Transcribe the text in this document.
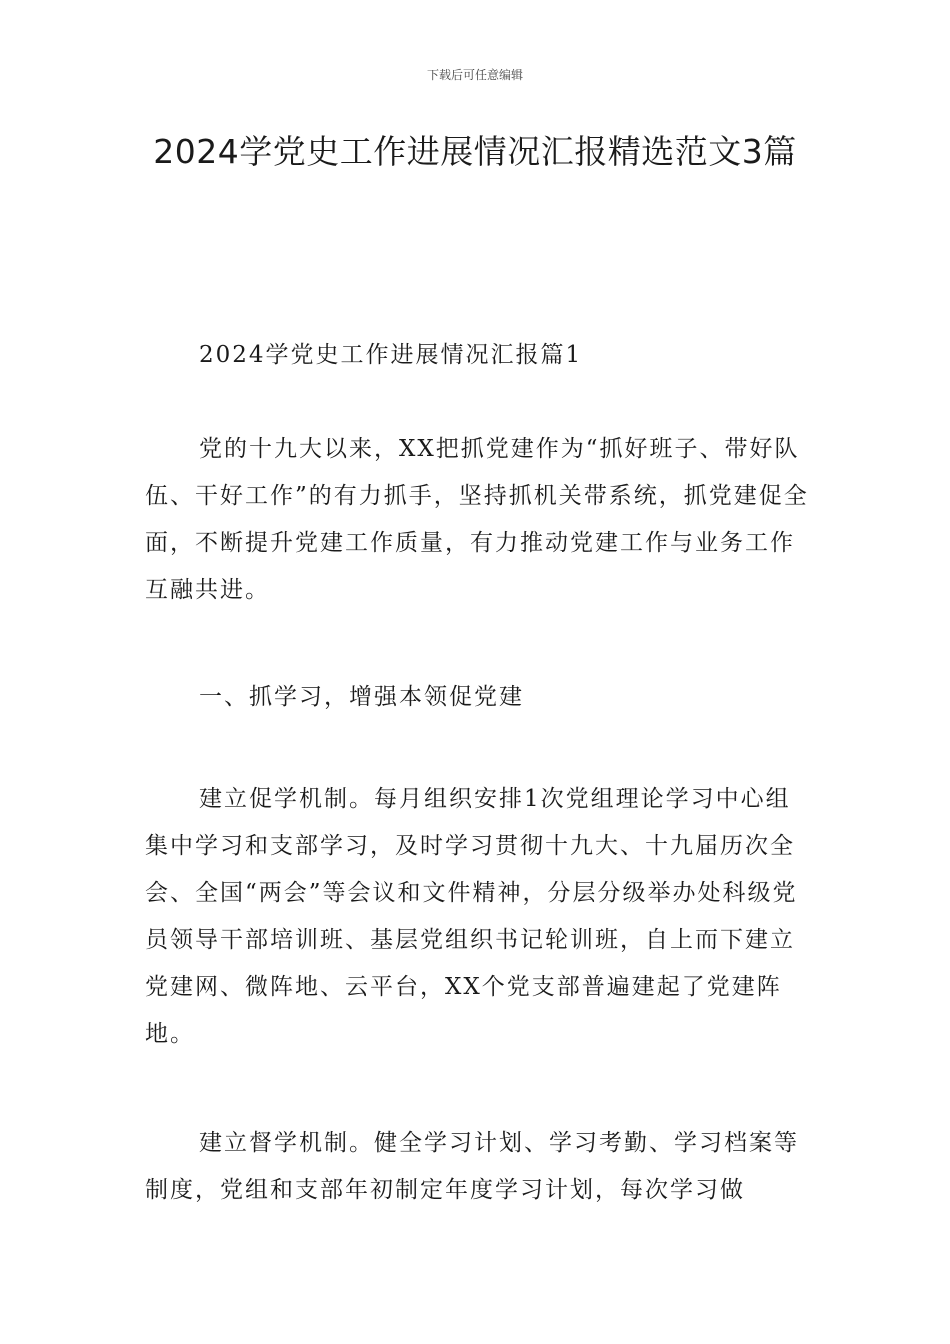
下载后可任意编辑
2024学党史工作进展情况汇报精选范文3篇

2024学党史工作进展情况汇报篇1

党的十九大以来，XX把抓党建作为“抓好班子、带好队伍、干好工作”的有力抓手，坚持抓机关带系统，抓党建促全面，不断提升党建工作质量，有力推动党建工作与业务工作互融共进。

一、抓学习，增强本领促党建

建立促学机制。每月组织安排1次党组理论学习中心组集中学习和支部学习，及时学习贯彻十九大、十九届历次全会、全国“两会”等会议和文件精神，分层分级举办处科级党员领导干部培训班、基层党组织书记轮训班，自上而下建立党建网、微阵地、云平台，XX个党支部普遍建起了党建阵地。

建立督学机制。健全学习计划、学习考勤、学习档案等制度，党组和支部年初制定年度学习计划，每次学习做
